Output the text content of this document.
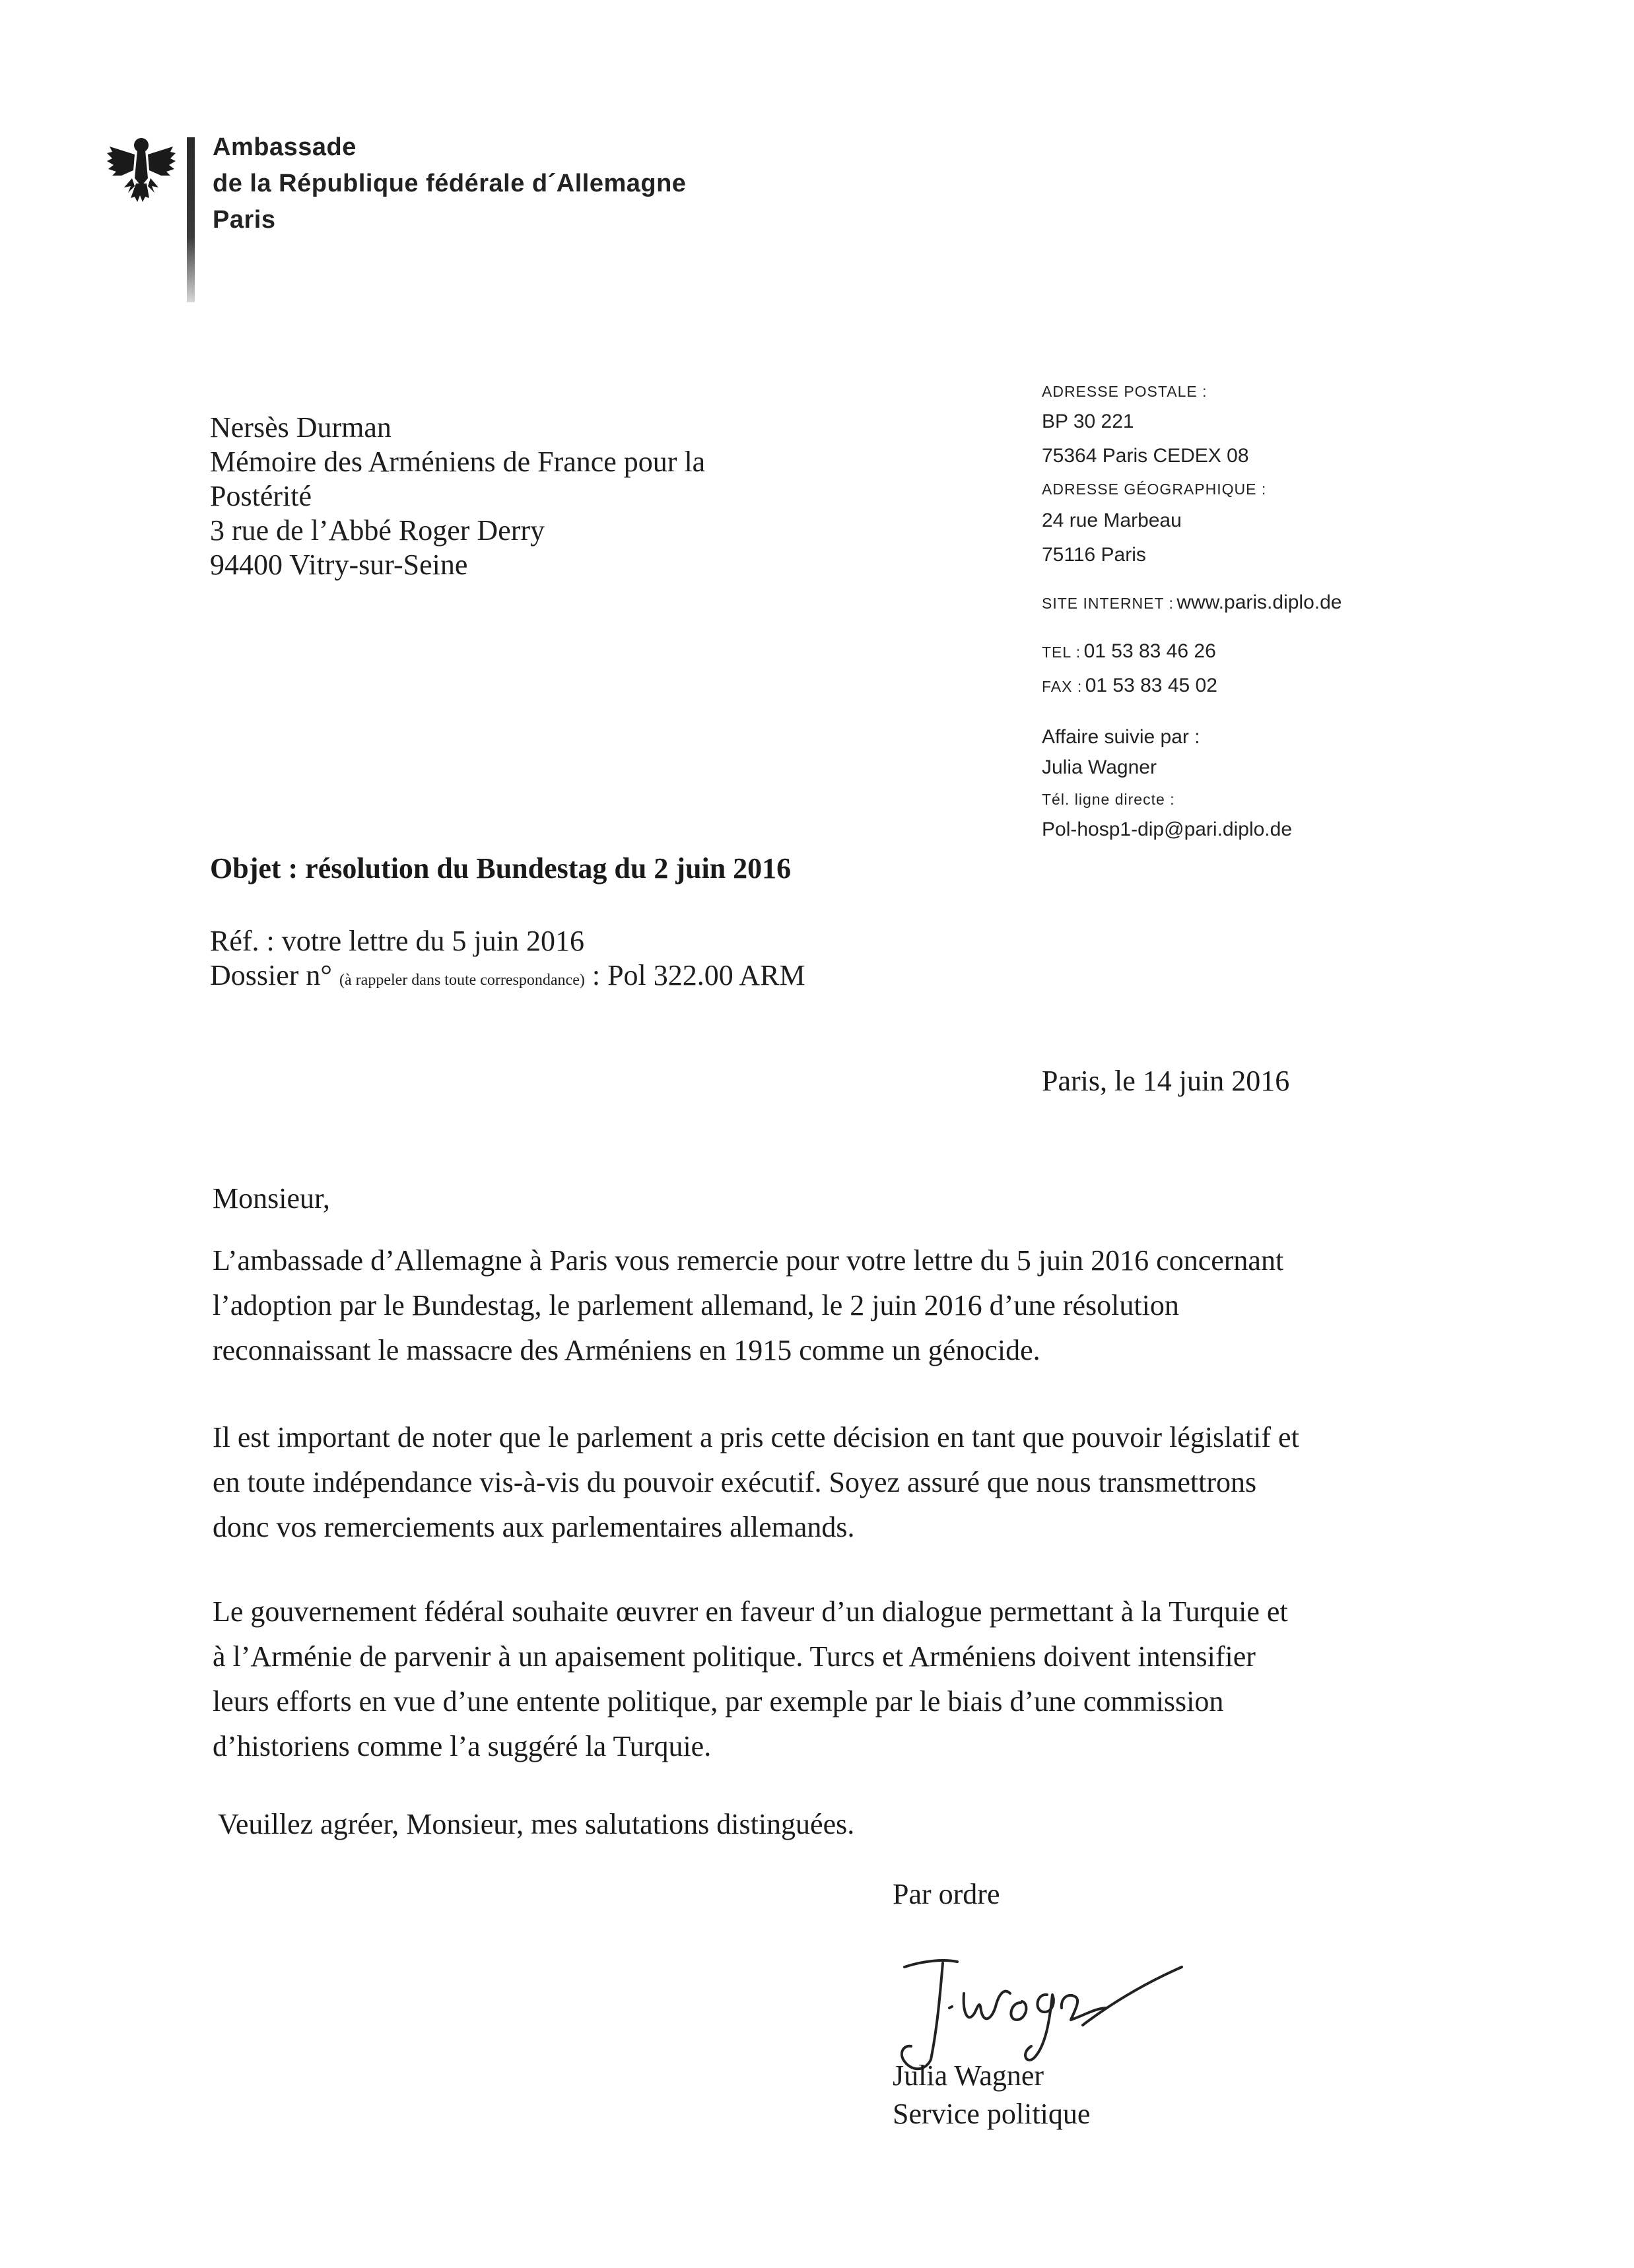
Ambassade
de la République fédérale d´Allemagne
Paris
Nersès Durman
Mémoire des Arméniens de France pour la
Postérité
3 rue de l’Abbé Roger Derry
94400 Vitry-sur-Seine
ADRESSE POSTALE :
BP 30 221
75364 Paris CEDEX 08
ADRESSE GÉOGRAPHIQUE :
24 rue Marbeau
75116 Paris
SITE INTERNET : www.paris.diplo.de
TEL : 01 53 83 46 26
FAX : 01 53 83 45 02
Affaire suivie par :
Julia Wagner
Tél. ligne directe :
Pol-hosp1-dip@pari.diplo.de
Objet : résolution du Bundestag du 2 juin 2016
Réf. : votre lettre du 5 juin 2016
Dossier n° (à rappeler dans toute correspondance) : Pol 322.00 ARM
Paris, le 14 juin 2016
Monsieur,
L’ambassade d’Allemagne à Paris vous remercie pour votre lettre du 5 juin 2016 concernant
l’adoption par le Bundestag, le parlement allemand, le 2 juin 2016 d’une résolution
reconnaissant le massacre des Arméniens en 1915 comme un génocide.
Il est important de noter que le parlement a pris cette décision en tant que pouvoir législatif et
en toute indépendance vis-à-vis du pouvoir exécutif. Soyez assuré que nous transmettrons
donc vos remerciements aux parlementaires allemands.
Le gouvernement fédéral souhaite œuvrer en faveur d’un dialogue permettant à la Turquie et
à l’Arménie de parvenir à un apaisement politique. Turcs et Arméniens doivent intensifier
leurs efforts en vue d’une entente politique, par exemple par le biais d’une commission
d’historiens comme l’a suggéré la Turquie.
Veuillez agréer, Monsieur, mes salutations distinguées.
Par ordre
Julia Wagner
Service politique
